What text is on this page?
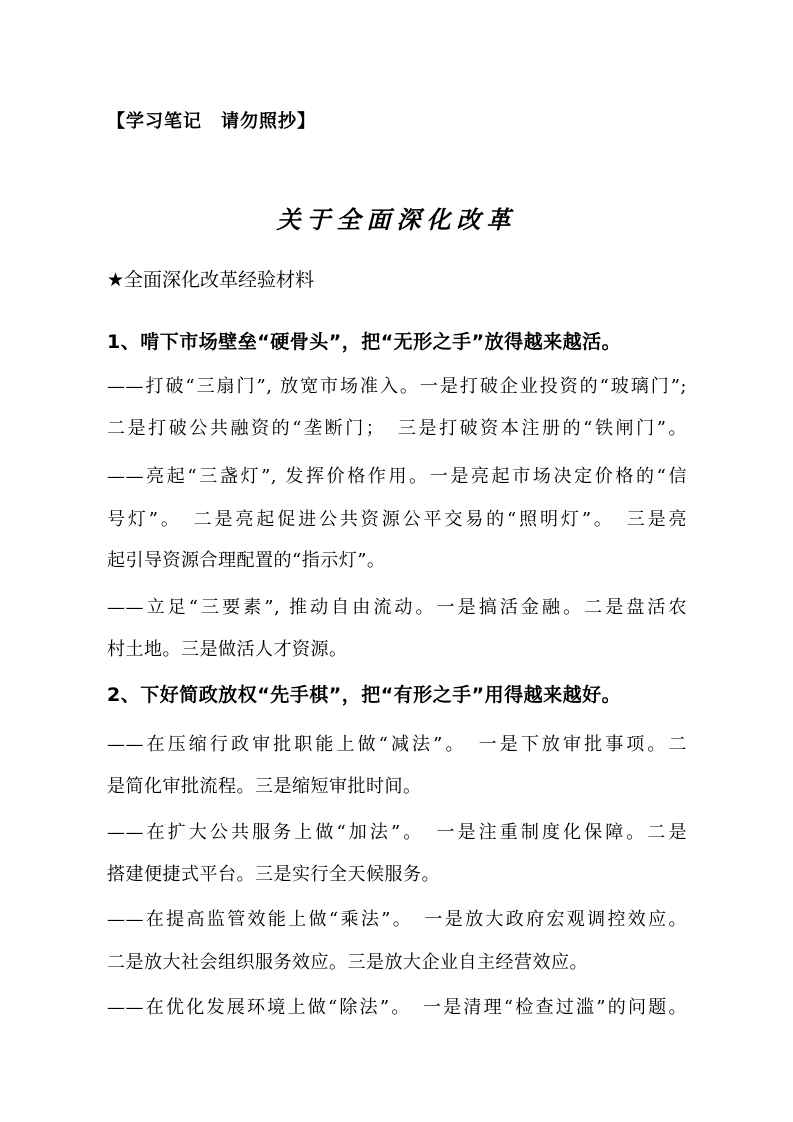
【学习笔记　请勿照抄】
关于全面深化改革
★全面深化改革经验材料
1、啃下市场壁垒“硬骨头”，把“无形之手”放得越来越活。
——打破“三扇门”, 放宽市场准入。一是打破企业投资的“玻璃门”;
二是打破公共融资的“垄断门；　三是打破资本注册的“铁闸门”。
——亮起“三盏灯”, 发挥价格作用。一是亮起市场决定价格的“信
号灯”。　二是亮起促进公共资源公平交易的“照明灯”。　三是亮
起引导资源合理配置的“指示灯”。
——立足“三要素”, 推动自由流动。一是搞活金融。二是盘活农
村土地。三是做活人才资源。
2、下好简政放权“先手棋”，把“有形之手”用得越来越好。
——在压缩行政审批职能上做“减法”。　一是下放审批事项。二
是简化审批流程。三是缩短审批时间。
——在扩大公共服务上做“加法”。　一是注重制度化保障。二是
搭建便捷式平台。三是实行全天候服务。
——在提高监管效能上做“乘法”。　一是放大政府宏观调控效应。
二是放大社会组织服务效应。三是放大企业自主经营效应。
——在优化发展环境上做“除法”。　一是清理“检查过滥”的问题。
